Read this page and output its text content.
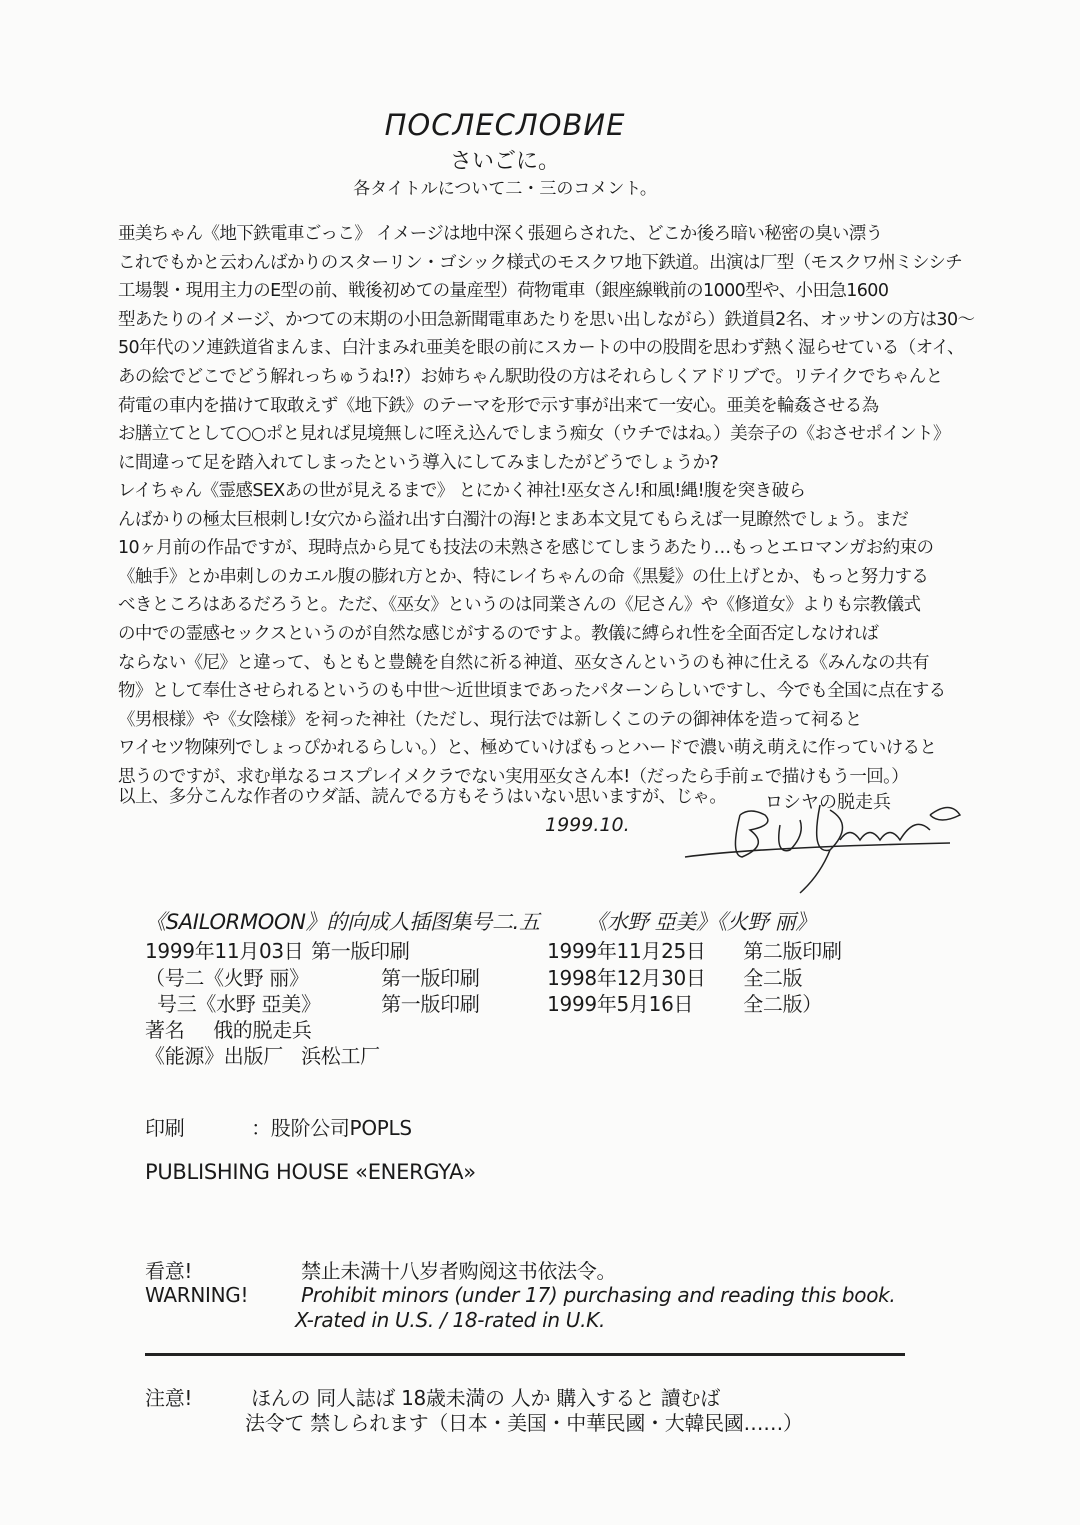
ПОСЛЕСЛОВИЕ
さいごに。
各タイトルについて二・三のコメント。
亜美ちゃん《地下鉄電車ごっこ》 イメージは地中深く張廻らされた、どこか後ろ暗い秘密の臭い漂う
これでもかと云わんばかりのスターリン・ゴシック様式のモスクワ地下鉄道。出演は厂型（モスクワ州ミシシチ
工場製・現用主力のE型の前、戦後初めての量産型）荷物電車（銀座線戦前の1000型や、小田急1600
型あたりのイメージ、かつての末期の小田急新聞電車あたりを思い出しながら）鉄道員2名、オッサンの方は30～
50年代のソ連鉄道省まんま、白汁まみれ亜美を眼の前にスカートの中の股間を思わず熱く湿らせている（オイ、
あの絵でどこでどう解れっちゅうね!?）お姉ちゃん駅助役の方はそれらしくアドリブで。リテイクでちゃんと
荷電の車内を描けて取敢えず《地下鉄》のテーマを形で示す事が出来て一安心。亜美を輪姦させる為
お膳立てとして○○ポと見れば見境無しに咥え込んでしまう痴女（ウチではね。）美奈子の《おさせポイント》
に間違って足を踏入れてしまったという導入にしてみましたがどうでしょうか?
レイちゃん《霊感SEXあの世が見えるまで》 とにかく神社!巫女さん!和風!縄!腹を突き破ら
んばかりの極太巨根刺し!女穴から溢れ出す白濁汁の海!とまあ本文見てもらえば一見瞭然でしょう。まだ
10ヶ月前の作品ですが、現時点から見ても技法の未熟さを感じてしまうあたり…もっとエロマンガお約束の
《触手》とか串刺しのカエル腹の膨れ方とか、特にレイちゃんの命《黒髪》の仕上げとか、もっと努力する
べきところはあるだろうと。ただ、《巫女》というのは同業さんの《尼さん》や《修道女》よりも宗教儀式
の中での霊感セックスというのが自然な感じがするのですよ。教儀に縛られ性を全面否定しなければ
ならない《尼》と違って、もともと豊饒を自然に祈る神道、巫女さんというのも神に仕える《みんなの共有
物》として奉仕させられるというのも中世～近世頃まであったパターンらしいですし、今でも全国に点在する
《男根様》や《女陰様》を祠った神社（ただし、現行法では新しくこのテの御神体を造って祠ると
ワイセツ物陳列でしょっぴかれるらしい。）と、極めていけばもっとハードで濃い萌え萌えに作っていけると
思うのですが、求む単なるコスプレイメクラでない実用巫女さん本!（だったら手前ェで描けもう一回。）
以上、多分こんな作者のウダ話、読んでる方もそうはいない思いますが、じゃ。	ロシヤの脱走兵
1999.10.
《SAILORMOON》的向成人插图集号二.五 《水野 亞美》《火野 丽》
1999年11月03日 第一版印刷	1999年11月25日 第二版印刷
（号二《火野 丽》	第一版印刷	1998年12月30日 全二版
号三《水野 亞美》	第一版印刷	1999年5月16日 全二版）
著名 俄的脱走兵
《能源》出版厂 浜松工厂
印刷	：股阶公司POPLS
PUBLISHING HOUSE «ENERGYA»
看意!	禁止未满十八岁者购阅这书依法令。
WARNING!	Prohibit minors (under 17) purchasing and reading this book.
X-rated in U.S. / 18-rated in U.K.
注意!	ほんの 同人誌ば 18歳未満の 人か 購入すると 讀むば
法令て 禁しられます（日本・美国・中華民國・大韓民國……）
